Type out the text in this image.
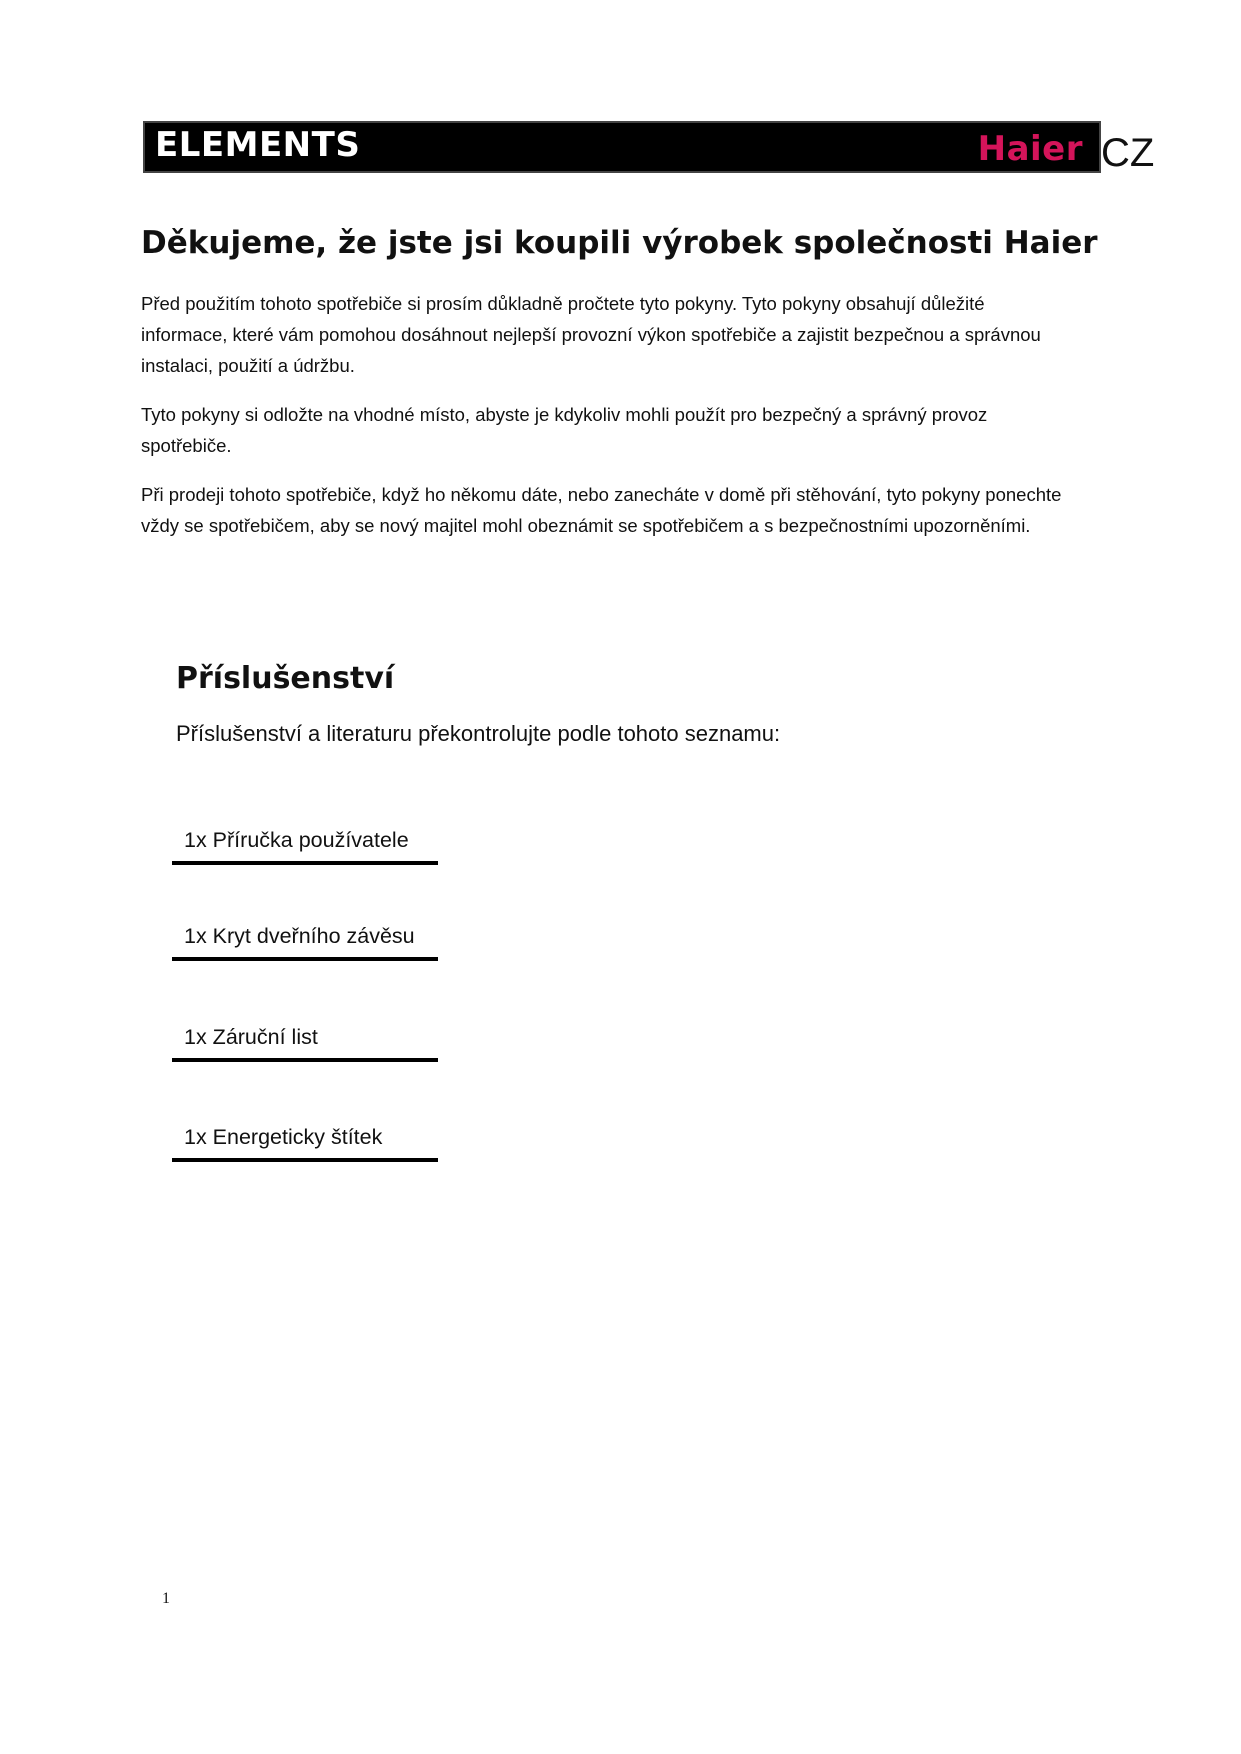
ELEMENTS	Haier CZ
Děkujeme, že jste jsi koupili výrobek společnosti Haier

Před použitím tohoto spotřebiče si prosím důkladně pročtete tyto pokyny. Tyto pokyny obsahují důležité informace, které vám pomohou dosáhnout nejlepší provozní výkon spotřebiče a zajistit bezpečnou a správnou instalaci, použití a údržbu.

Tyto pokyny si odložte na vhodné místo, abyste je kdykoliv mohli použít pro bezpečný a správný provoz spotřebiče.

Při prodeji tohoto spotřebiče, když ho někomu dáte, nebo zanecháte v domě při stěhování, tyto pokyny ponechte vždy se spotřebičem, aby se nový majitel mohl obeznámit se spotřebičem a s bezpečnostními upozorněními.

Příslušenství

Příslušenství a literaturu překontrolujte podle tohoto seznamu:

1x Příručka používatele
1x Kryt dveřního závěsu
1x Záruční list
1x Energeticky štítek
1
